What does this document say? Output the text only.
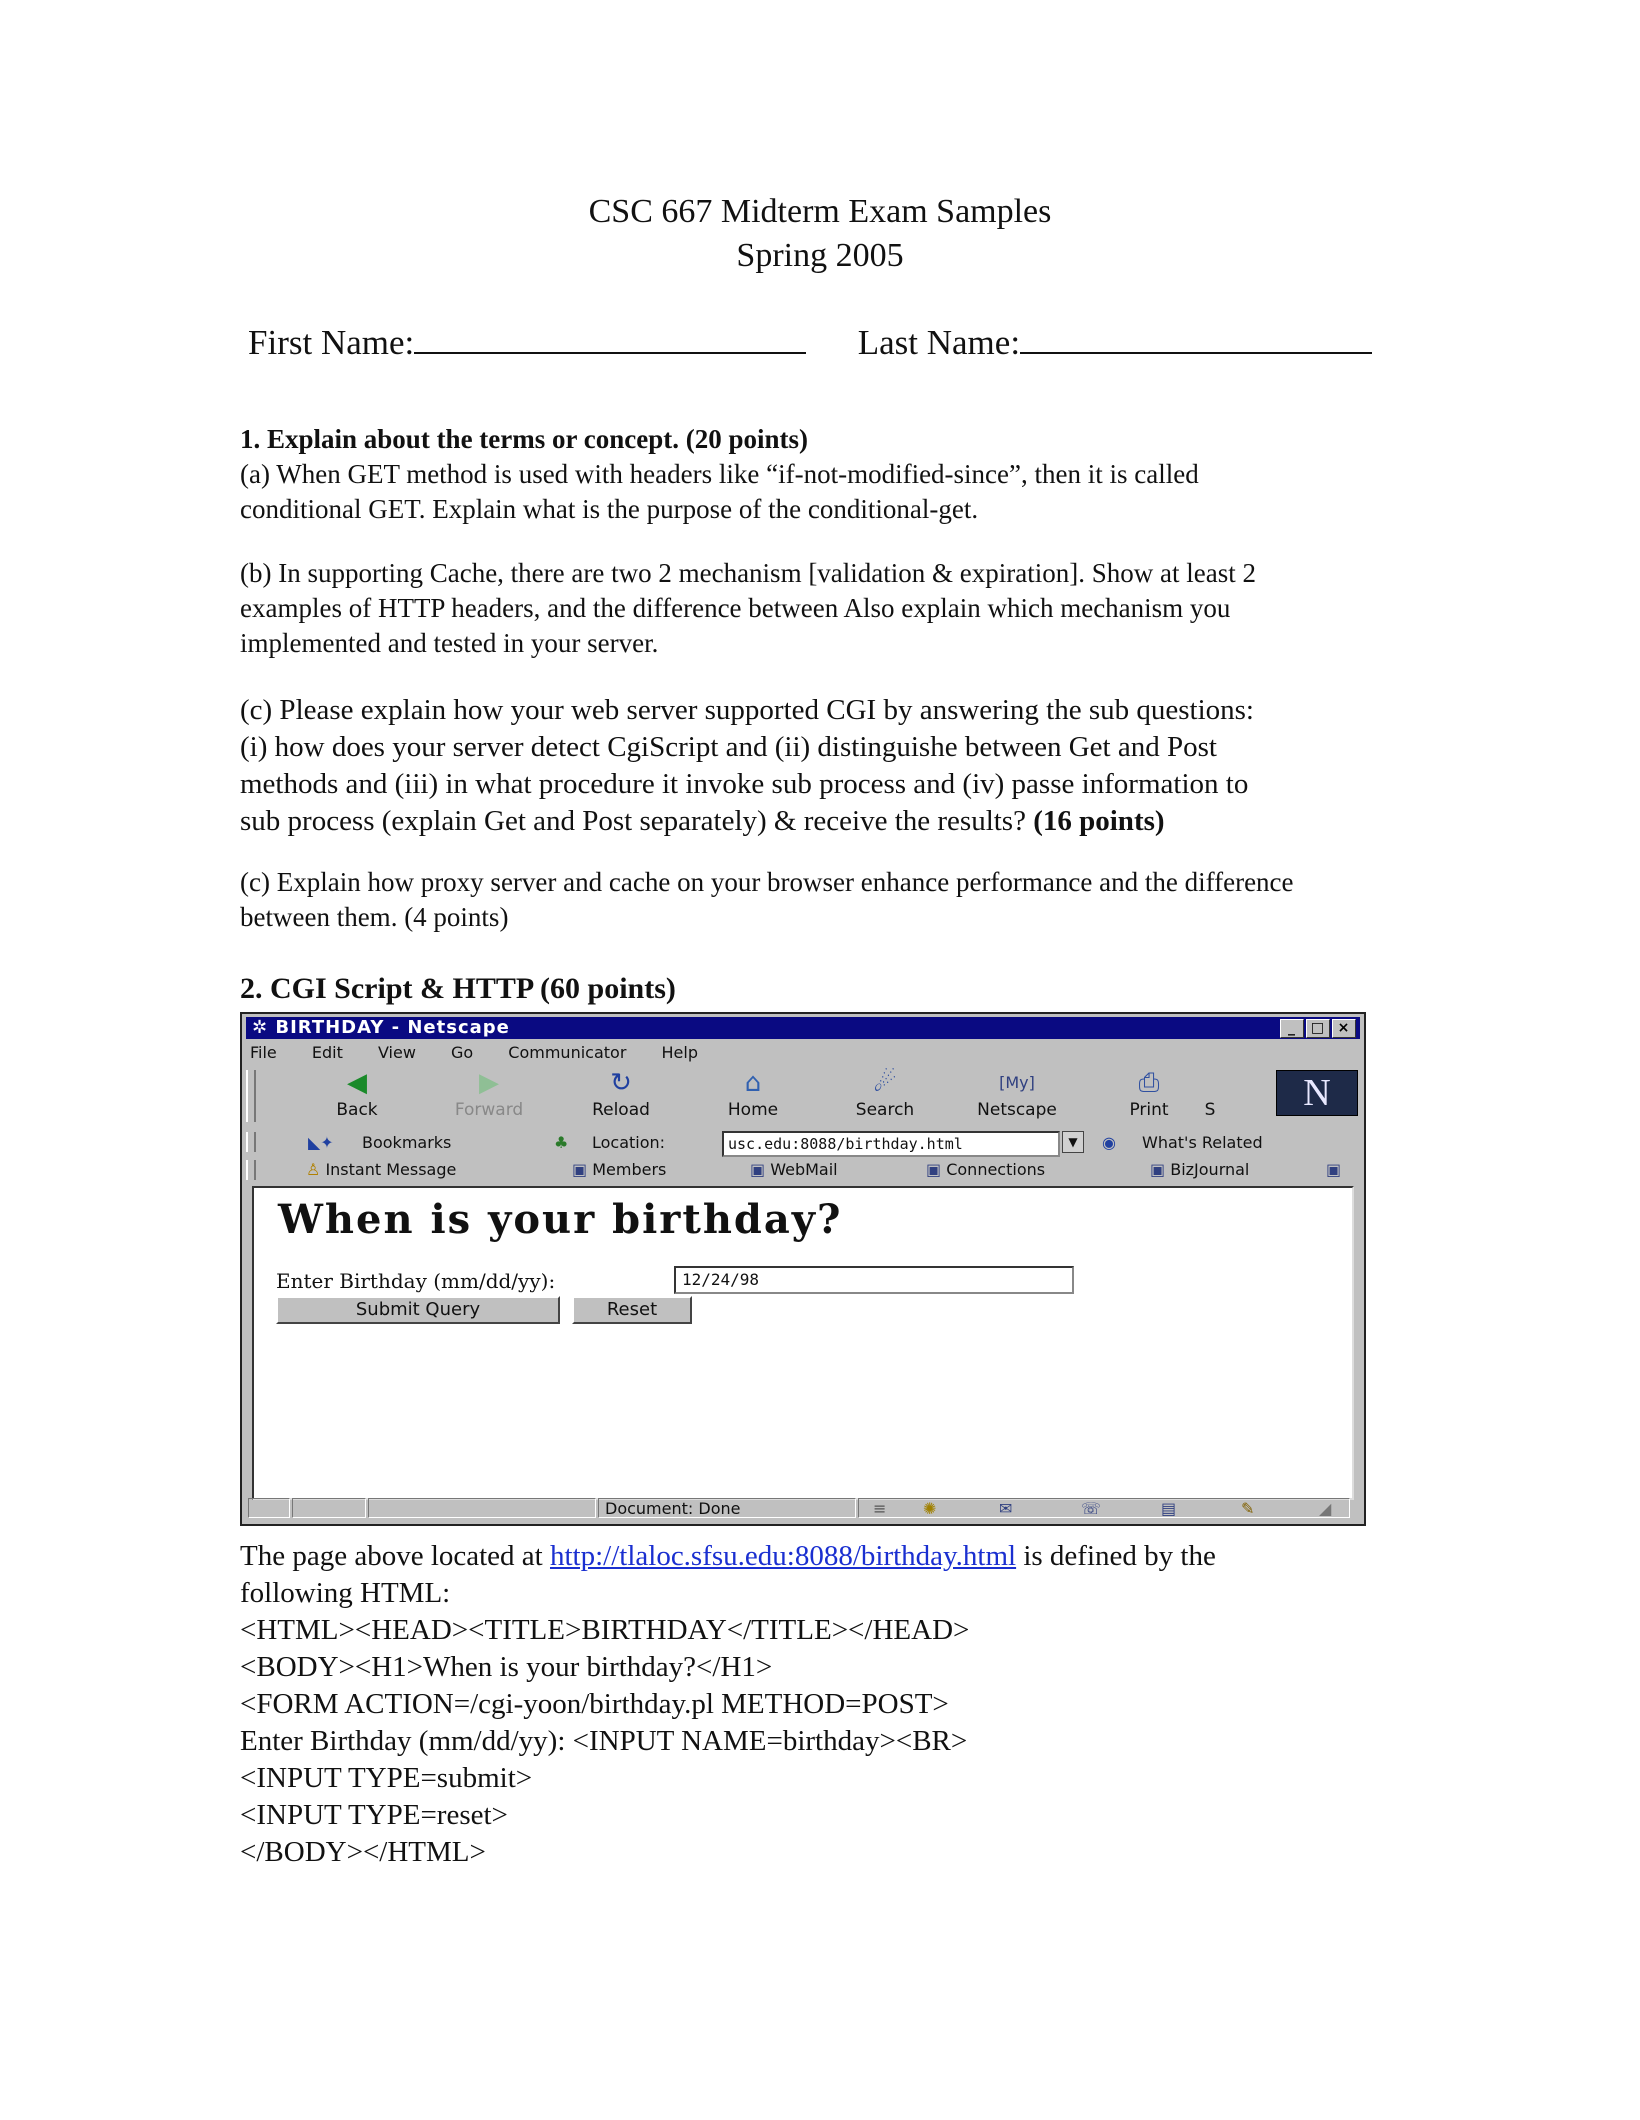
CSC 667 Midterm Exam Samples
Spring 2005
First Name:	Last Name:
1. Explain about the terms or concept. (20 points)
(a) When GET method is used with headers like “if-not-modified-since”, then it is called
conditional GET. Explain what is the purpose of the conditional-get.
(b) In supporting Cache, there are two 2 mechanism [validation & expiration]. Show at least 2
examples of HTTP headers, and the difference between Also explain which mechanism you
implemented and tested in your server.
(c) Please explain how your web server supported CGI by answering the sub questions:
(i) how does your server detect CgiScript and (ii) distinguishe between Get and Post
methods and (iii) in what procedure it invoke sub process and (iv) passe information to
sub process (explain Get and Post separately) & receive the results? (16 points)
(c) Explain how proxy server and cache on your browser enhance performance and the difference
between them. (4 points)
2. CGI Script & HTTP (60 points)
✲ BIRTHDAY - Netscape	_	□ ×
File Edit View Go Communicator Help
◀
Back
▶
Forward
↻
Reload
⌂
Home
☄
Search
[My]
Netscape
⎙
Print	S	N
◣✦ Bookmarks	♣ Location:	usc.edu:8088/birthday.html	▼	◉ What's Related
♙ Instant Message	▣ Members	▣ WebMail	▣ Connections	▣ BizJournal	▣
When is your birthday?
Enter Birthday (mm/dd/yy):	12/24/98
Submit Query	Reset
Document: Done	≡ ✺	✉	☏	▤	✎	◢
The page above located at http://tlaloc.sfsu.edu:8088/birthday.html is defined by the
following HTML:
<HTML><HEAD><TITLE>BIRTHDAY</TITLE></HEAD>
<BODY><H1>When is your birthday?</H1>
<FORM ACTION=/cgi-yoon/birthday.pl METHOD=POST>
Enter Birthday (mm/dd/yy): <INPUT NAME=birthday><BR>
<INPUT TYPE=submit>
<INPUT TYPE=reset>
</BODY></HTML>
